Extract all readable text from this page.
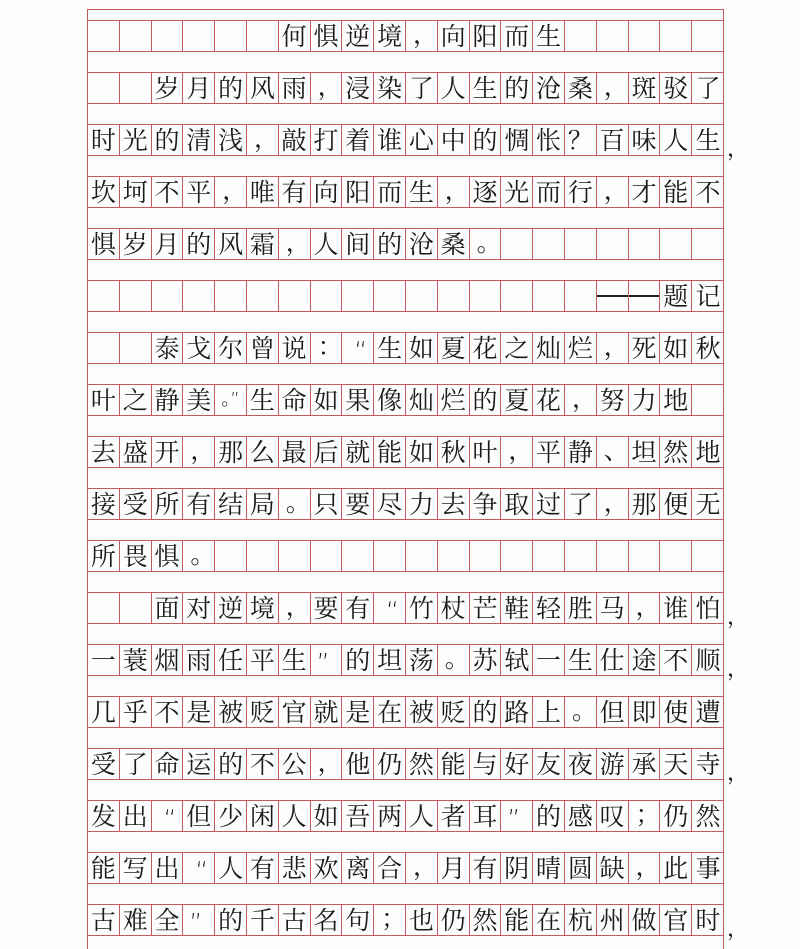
何 惧 逆 境 ， 向 阳 而 生
岁 月 的 风 雨 ， 浸 染 了 人 生 的 沧 桑 ， 斑 驳 了
时 光 的 清 浅 ， 敲 打 着 谁 心 中 的 惆 怅 ？ 百 味 人 生
坎 坷 不 平 ， 唯 有 向 阳 而 生 ， 逐 光 而 行 ， 才 能 不
惧 岁 月 的 风 霜 ， 人 间 的 沧 桑 。
题 记
泰 戈 尔 曾 说 ： “ 生 如 夏 花 之 灿 烂 ， 死 如 秋
叶 之 静 美 。” 生 命 如 果 像 灿 烂 的 夏 花 ， 努 力 地
去 盛 开 ， 那 么 最 后 就 能 如 秋 叶 ， 平 静 、 坦 然 地
接 受 所 有 结 局 。 只 要 尽 力 去 争 取 过 了 ， 那 便 无
所 畏 惧 。
面 对 逆 境 ， 要 有 “ 竹 杖 芒 鞋 轻 胜 马 ， 谁 怕
一 蓑 烟 雨 任 平 生 ” 的 坦 荡 。 苏 轼 一 生 仕 途 不 顺
几 乎 不 是 被 贬 官 就 是 在 被 贬 的 路 上 。 但 即 使 遭
受 了 命 运 的 不 公 ， 他 仍 然 能 与 好 友 夜 游 承 天 寺
发 出 “ 但 少 闲 人 如 吾 两 人 者 耳 ” 的 感 叹 ； 仍 然
能 写 出 “ 人 有 悲 欢 离 合 ， 月 有 阴 晴 圆 缺 ， 此 事
古 难 全 ” 的 千 古 名 句 ； 也 仍 然 能 在 杭 州 做 官 时
，
，
，
，
，
